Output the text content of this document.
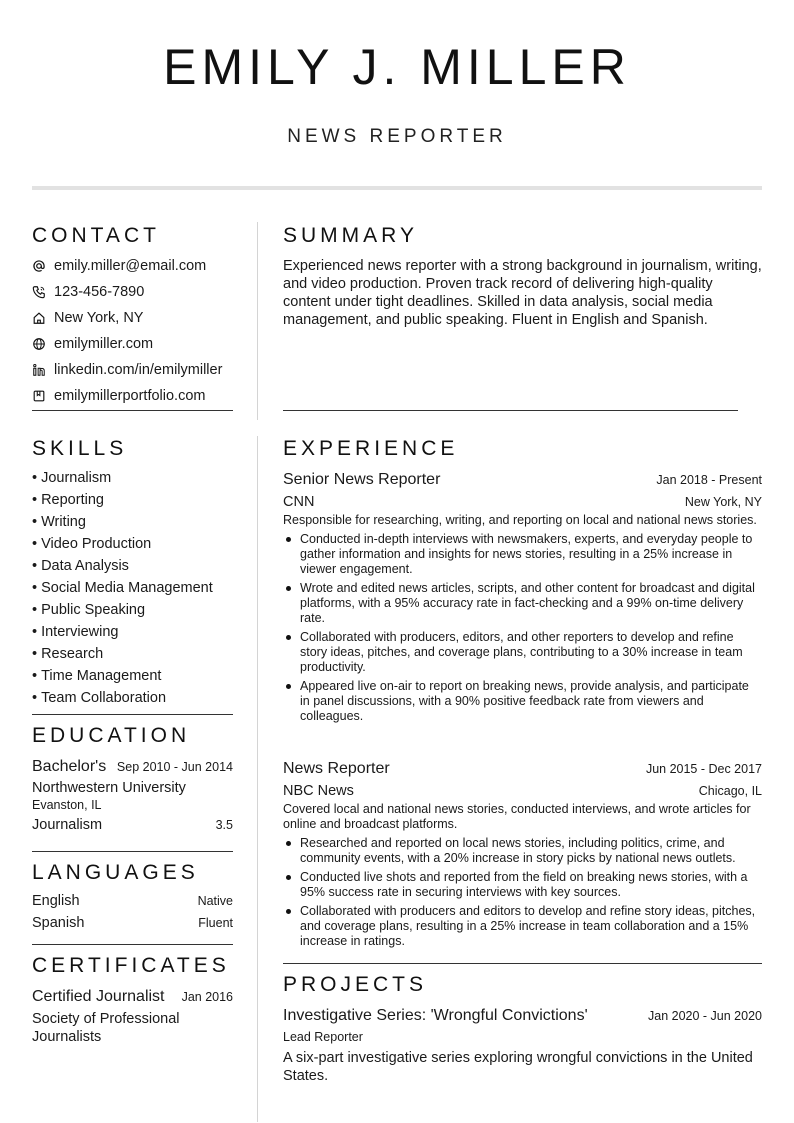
EMILY J. MILLER
NEWS REPORTER
CONTACT
emily.miller@email.com
123-456-7890
New York, NY
emilymiller.com
linkedin.com/in/emilymiller
emilymillerportfolio.com
SUMMARY
Experienced news reporter with a strong background in journalism, writing, and video production. Proven track record of delivering high-quality content under tight deadlines. Skilled in data analysis, social media management, and public speaking. Fluent in English and Spanish.
SKILLS
• Journalism
• Reporting
• Writing
• Video Production
• Data Analysis
• Social Media Management
• Public Speaking
• Interviewing
• Research
• Time Management
• Team Collaboration
EDUCATION
Bachelor's Sep 2010 - Jun 2014
Northwestern University
Evanston, IL
Journalism	3.5
LANGUAGES
English	Native
Spanish	Fluent
CERTIFICATES
Certified Journalist Jan 2016
Society of Professional Journalists
EXPERIENCE
Senior News Reporter	Jan 2018 - Present
CNN	New York, NY
Responsible for researching, writing, and reporting on local and national news stories.
Conducted in-depth interviews with newsmakers, experts, and everyday people to gather information and insights for news stories, resulting in a 25% increase in viewer engagement.
Wrote and edited news articles, scripts, and other content for broadcast and digital platforms, with a 95% accuracy rate in fact-checking and a 99% on-time delivery rate.
Collaborated with producers, editors, and other reporters to develop and refine story ideas, pitches, and coverage plans, contributing to a 30% increase in team productivity.
Appeared live on-air to report on breaking news, provide analysis, and participate in panel discussions, with a 90% positive feedback rate from viewers and colleagues.
News Reporter	Jun 2015 - Dec 2017
NBC News	Chicago, IL
Covered local and national news stories, conducted interviews, and wrote articles for online and broadcast platforms.
Researched and reported on local news stories, including politics, crime, and community events, with a 20% increase in story picks by national news outlets.
Conducted live shots and reported from the field on breaking news stories, with a 95% success rate in securing interviews with key sources.
Collaborated with producers and editors to develop and refine story ideas, pitches, and coverage plans, resulting in a 25% increase in team collaboration and a 15% increase in ratings.
PROJECTS
Investigative Series: 'Wrongful Convictions'	Jan 2020 - Jun 2020
Lead Reporter
A six-part investigative series exploring wrongful convictions in the United States.
